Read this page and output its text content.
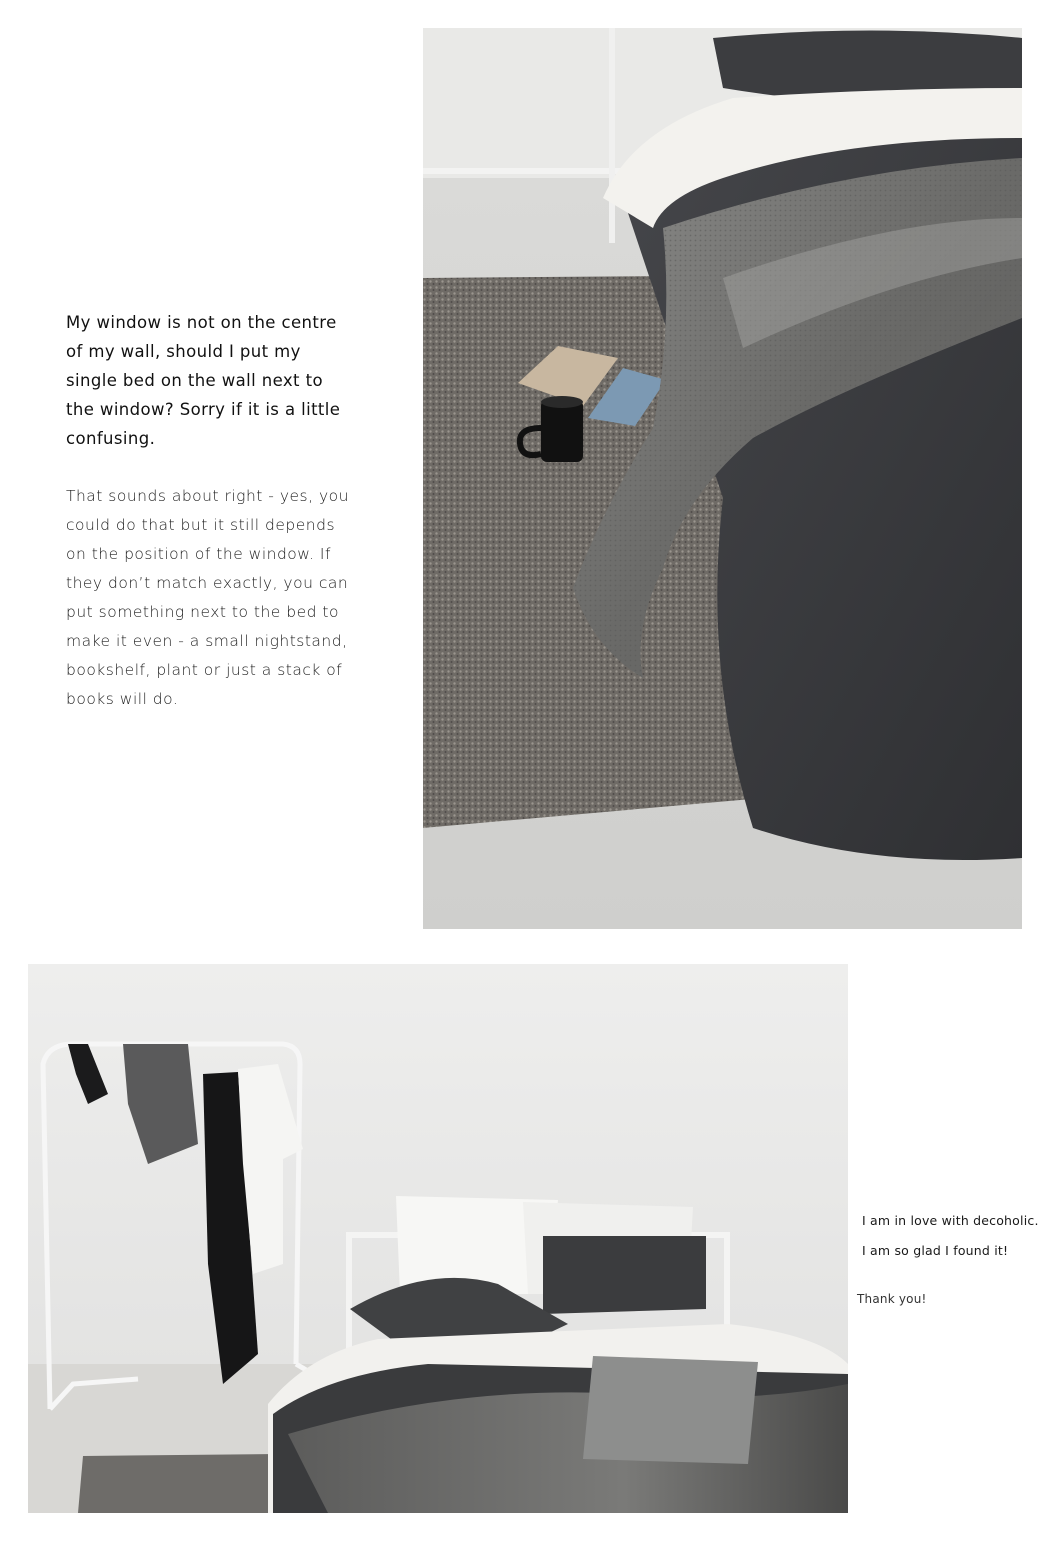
My window is not on the centre of my wall, should I put my single bed on the wall next to the window? Sorry if it is a little confusing.
That sounds about right - yes, you could do that but it still depends on the position of the window. If they don’t match exactly, you can put something next to the bed to make it even - a small nightstand, bookshelf, plant or just a stack of books will do.
I am in love with decoholic.
I am so glad I found it!
Thank you!
